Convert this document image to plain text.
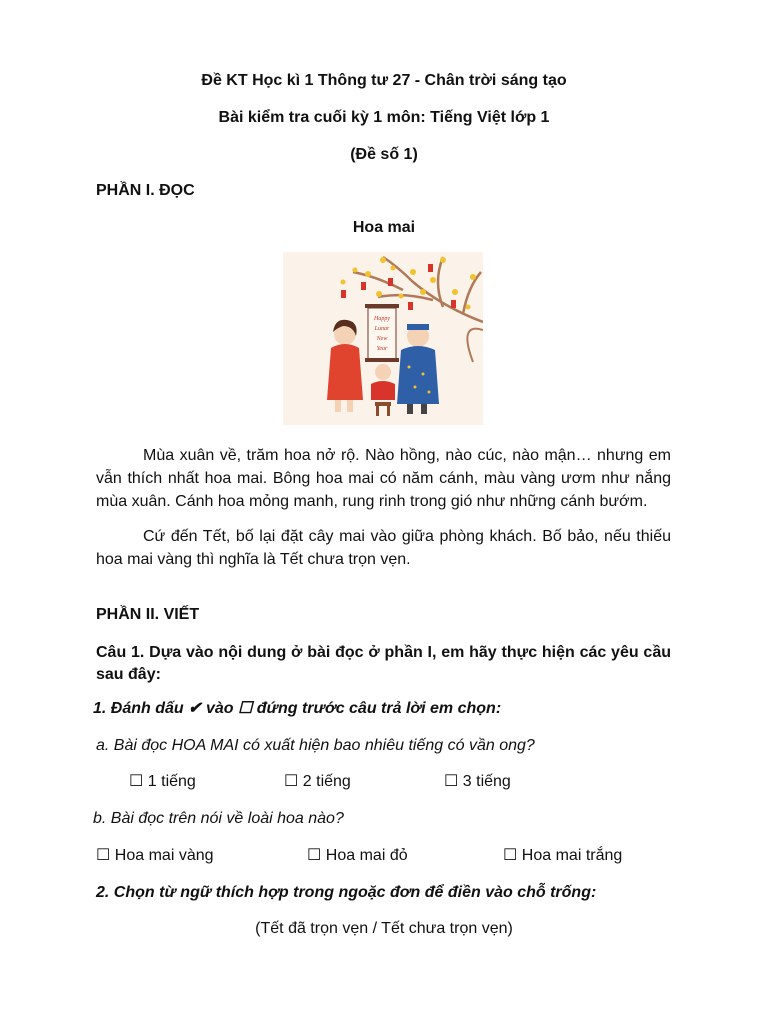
Đề KT Học kì 1 Thông tư 27 - Chân trời sáng tạo
Bài kiểm tra cuối kỳ 1 môn: Tiếng Việt lớp 1
(Đề số 1)
PHẦN I. ĐỌC
Hoa mai
Happy
Lunar
New
Year

Mùa xuân về, trăm hoa nở rộ. Nào hồng, nào cúc, nào mận… nhưng em vẫn thích nhất hoa mai. Bông hoa mai có năm cánh, màu vàng ươm như nắng mùa xuân. Cánh hoa mỏng manh, rung rinh trong gió như những cánh bướm.

Cứ đến Tết, bố lại đặt cây mai vào giữa phòng khách. Bố bảo, nếu thiếu hoa mai vàng thì nghĩa là Tết chưa trọn vẹn.

PHẦN II. VIẾT
Câu 1. Dựa vào nội dung ở bài đọc ở phần I, em hãy thực hiện các yêu cầu sau đây:
1. Đánh dấu ✔ vào ☐ đứng trước câu trả lời em chọn:
a. Bài đọc HOA MAI có xuất hiện bao nhiêu tiếng có vần ong?
☐ 1 tiếng	☐ 2 tiếng	☐ 3 tiếng
b. Bài đọc trên nói về loài hoa nào?
☐ Hoa mai vàng	☐ Hoa mai đỏ	☐ Hoa mai trắng
2. Chọn từ ngữ thích hợp trong ngoặc đơn để điền vào chỗ trống:
(Tết đã trọn vẹn / Tết chưa trọn vẹn)
